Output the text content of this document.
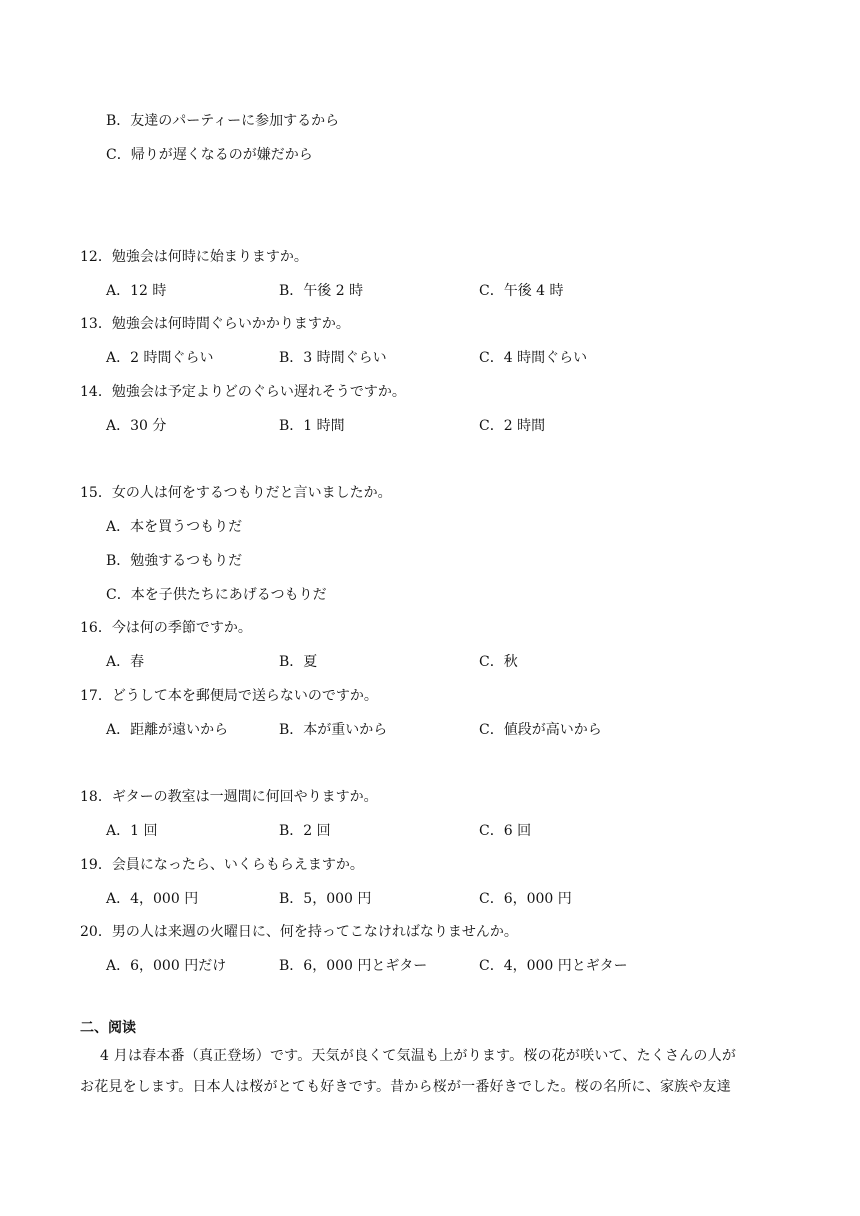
B．友達のパーティーに参加するから
C．帰りが遅くなるのが嫌だから
12．勉強会は何時に始まりますか。
A．12 時	B．午後 2 時	C．午後 4 時
13．勉強会は何時間ぐらいかかりますか。
A．2 時間ぐらい	B．3 時間ぐらい	C．4 時間ぐらい
14．勉強会は予定よりどのぐらい遅れそうですか。
A．30 分	B．1 時間	C．2 時間
15．女の人は何をするつもりだと言いましたか。
A．本を買うつもりだ
B．勉強するつもりだ
C．本を子供たちにあげるつもりだ
16．今は何の季節ですか。
A．春	B．夏	C．秋
17．どうして本を郵便局で送らないのですか。
A．距離が遠いから	B．本が重いから	C．値段が高いから
18．ギターの教室は一週間に何回やりますか。
A．1 回	B．2 回	C．6 回
19．会員になったら、いくらもらえますか。
A．4，000 円	B．5，000 円	C．6，000 円
20．男の人は来週の火曜日に、何を持ってこなければなりませんか。
A．6，000 円だけ	B．6，000 円とギター	C．4，000 円とギター
二、阅读
4 月は春本番（真正登场）です。天気が良くて気温も上がります。桜の花が咲いて、たくさんの人が
お花見をします。日本人は桜がとても好きです。昔から桜が一番好きでした。桜の名所に、家族や友達
